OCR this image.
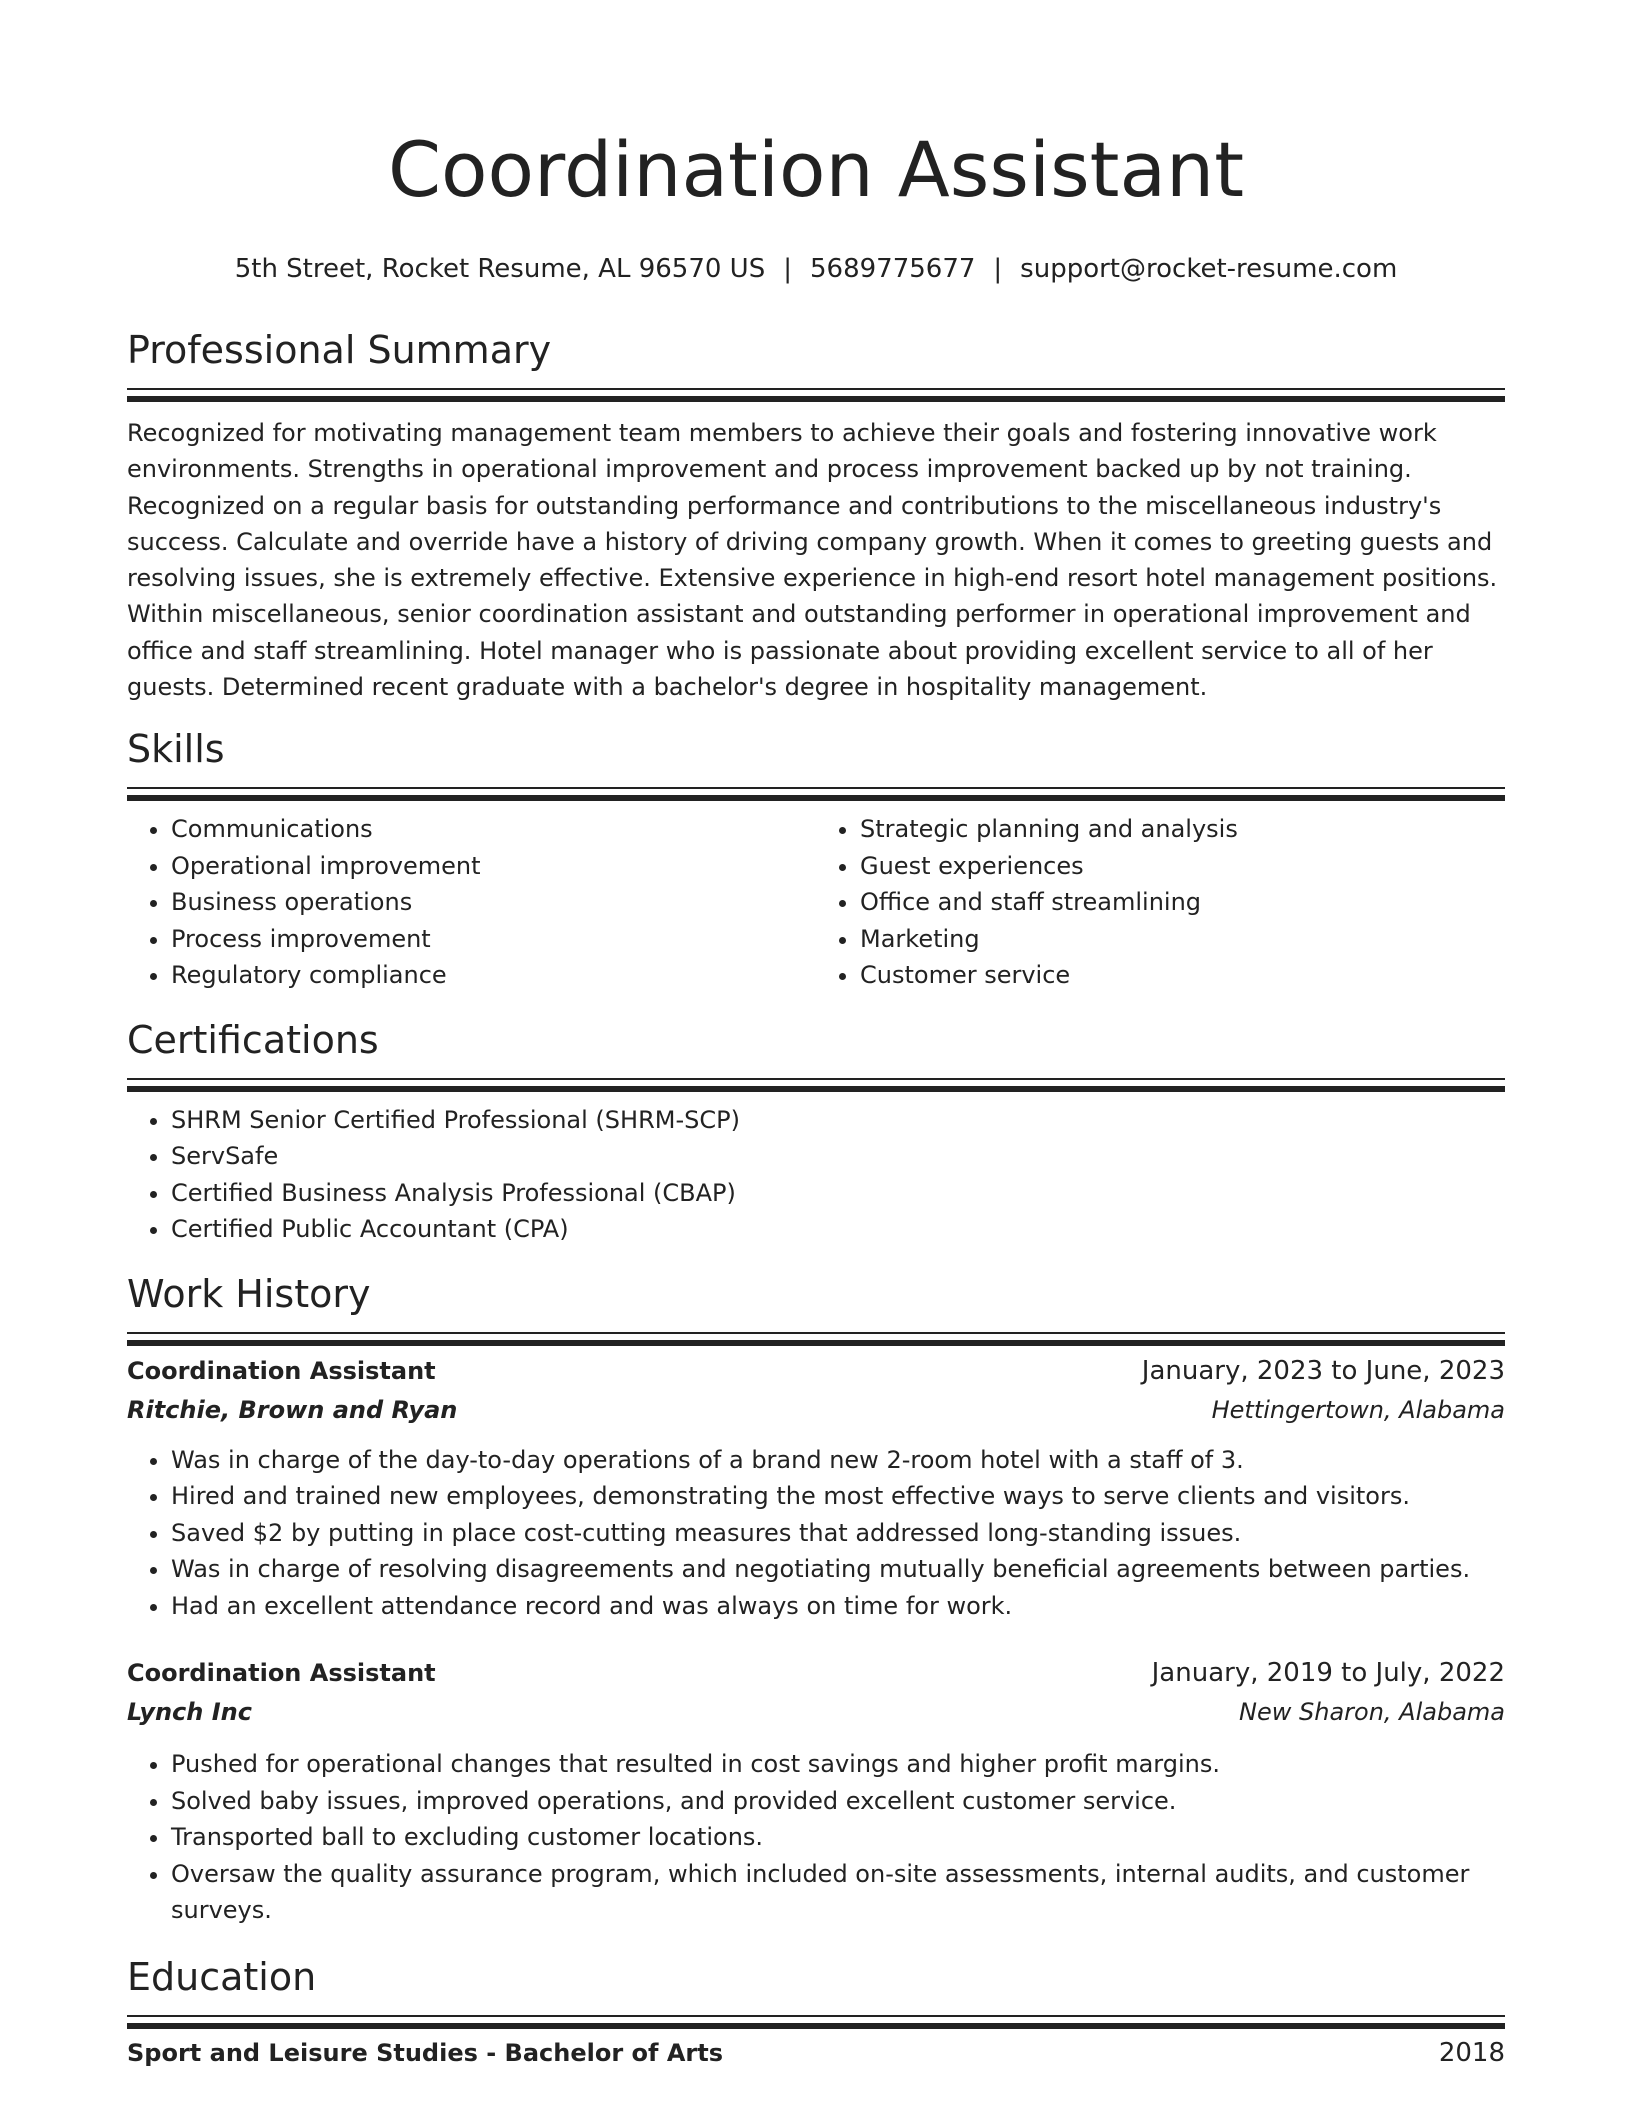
Coordination Assistant
5th Street, Rocket Resume, AL 96570 US | 5689775677 | support@rocket-resume.com
Professional Summary
Recognized for motivating management team members to achieve their goals and fostering innovative work environments. Strengths in operational improvement and process improvement backed up by not training. Recognized on a regular basis for outstanding performance and contributions to the miscellaneous industry's success. Calculate and override have a history of driving company growth. When it comes to greeting guests and resolving issues, she is extremely effective. Extensive experience in high-end resort hotel management positions. Within miscellaneous, senior coordination assistant and outstanding performer in operational improvement and office and staff streamlining. Hotel manager who is passionate about providing excellent service to all of her guests. Determined recent graduate with a bachelor's degree in hospitality management.
Skills
• Communications
• Operational improvement
• Business operations
• Process improvement
• Regulatory compliance
• Strategic planning and analysis
• Guest experiences
• Office and staff streamlining
• Marketing
• Customer service
Certifications
• SHRM Senior Certified Professional (SHRM-SCP)
• ServSafe
• Certified Business Analysis Professional (CBAP)
• Certified Public Accountant (CPA)
Work History
Coordination Assistant	January, 2023 to June, 2023
Ritchie, Brown and Ryan	Hettingertown, Alabama
• Was in charge of the day-to-day operations of a brand new 2-room hotel with a staff of 3.
• Hired and trained new employees, demonstrating the most effective ways to serve clients and visitors.
• Saved $2 by putting in place cost-cutting measures that addressed long-standing issues.
• Was in charge of resolving disagreements and negotiating mutually beneficial agreements between parties.
• Had an excellent attendance record and was always on time for work.
Coordination Assistant	January, 2019 to July, 2022
Lynch Inc	New Sharon, Alabama
• Pushed for operational changes that resulted in cost savings and higher profit margins.
• Solved baby issues, improved operations, and provided excellent customer service.
• Transported ball to excluding customer locations.
• Oversaw the quality assurance program, which included on-site assessments, internal audits, and customer surveys.
Education
Sport and Leisure Studies - Bachelor of Arts	2018
